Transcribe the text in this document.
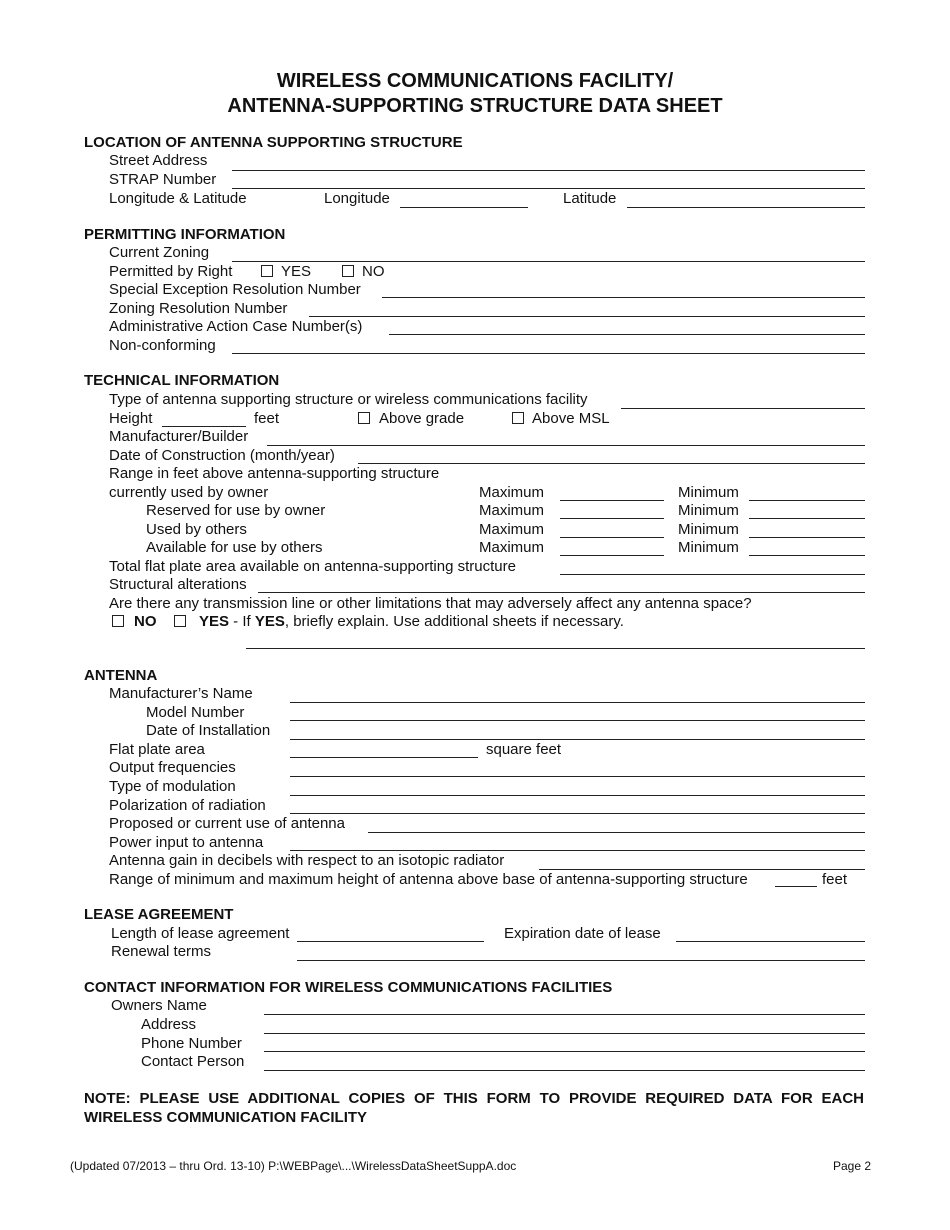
WIRELESS COMMUNICATIONS FACILITY/
ANTENNA-SUPPORTING STRUCTURE DATA SHEET
LOCATION OF ANTENNA SUPPORTING STRUCTURE
Street Address
STRAP Number
Longitude & Latitude	Longitude	Latitude
PERMITTING INFORMATION
Current Zoning
Permitted by Right	YES	NO
Special Exception Resolution Number
Zoning Resolution Number
Administrative Action Case Number(s)
Non-conforming
TECHNICAL INFORMATION
Type of antenna supporting structure or wireless communications facility
Height	feet	Above grade	Above MSL
Manufacturer/Builder
Date of Construction (month/year)
Range in feet above antenna-supporting structure
currently used by owner	Maximum	Minimum
Reserved for use by owner	Maximum	Minimum
Used by others	Maximum	Minimum
Available for use by others	Maximum	Minimum
Total flat plate area available on antenna-supporting structure
Structural alterations
Are there any transmission line or other limitations that may adversely affect any antenna space?
NO	YES - If YES, briefly explain. Use additional sheets if necessary.
ANTENNA
Manufacturer’s Name
Model Number
Date of Installation
Flat plate area	square feet
Output frequencies
Type of modulation
Polarization of radiation
Proposed or current use of antenna
Power input to antenna
Antenna gain in decibels with respect to an isotopic radiator
Range of minimum and maximum height of antenna above base of antenna-supporting structure	feet
LEASE AGREEMENT
Length of lease agreement	Expiration date of lease
Renewal terms
CONTACT INFORMATION FOR WIRELESS COMMUNICATIONS FACILITIES
Owners Name
Address
Phone Number
Contact Person
NOTE: PLEASE USE ADDITIONAL COPIES OF THIS FORM TO PROVIDE REQUIRED DATA FOR EACH WIRELESS COMMUNICATION FACILITY
(Updated 07/2013 – thru Ord. 13-10) P:\WEBPage\...\WirelessDataSheetSuppA.doc	Page 2
